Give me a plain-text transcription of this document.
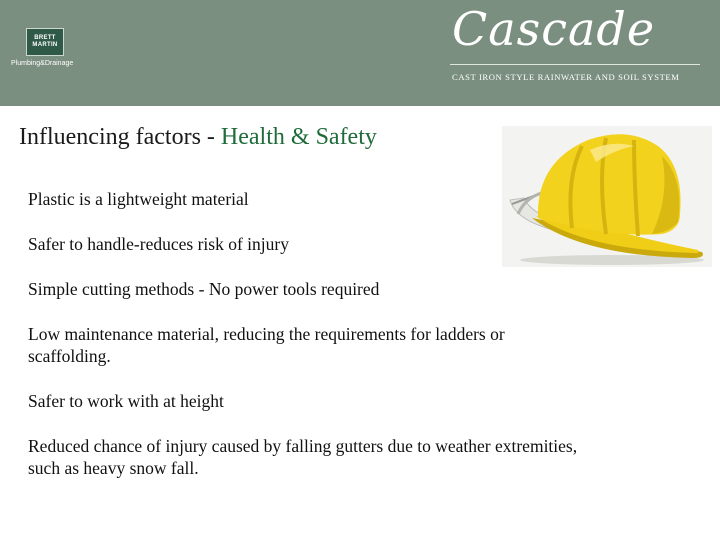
BRETT
MARTIN
Plumbing&Drainage
Cascade
CAST IRON STYLE RAINWATER AND SOIL SYSTEM
Influencing factors - Health & Safety
Plastic is a lightweight material
Safer to handle-reduces risk of injury
Simple cutting methods - No power tools required
Low maintenance material, reducing the requirements for ladders or scaffolding.
Safer to work with at height
Reduced chance of injury caused by falling gutters due to weather extremities, such as heavy snow fall.
